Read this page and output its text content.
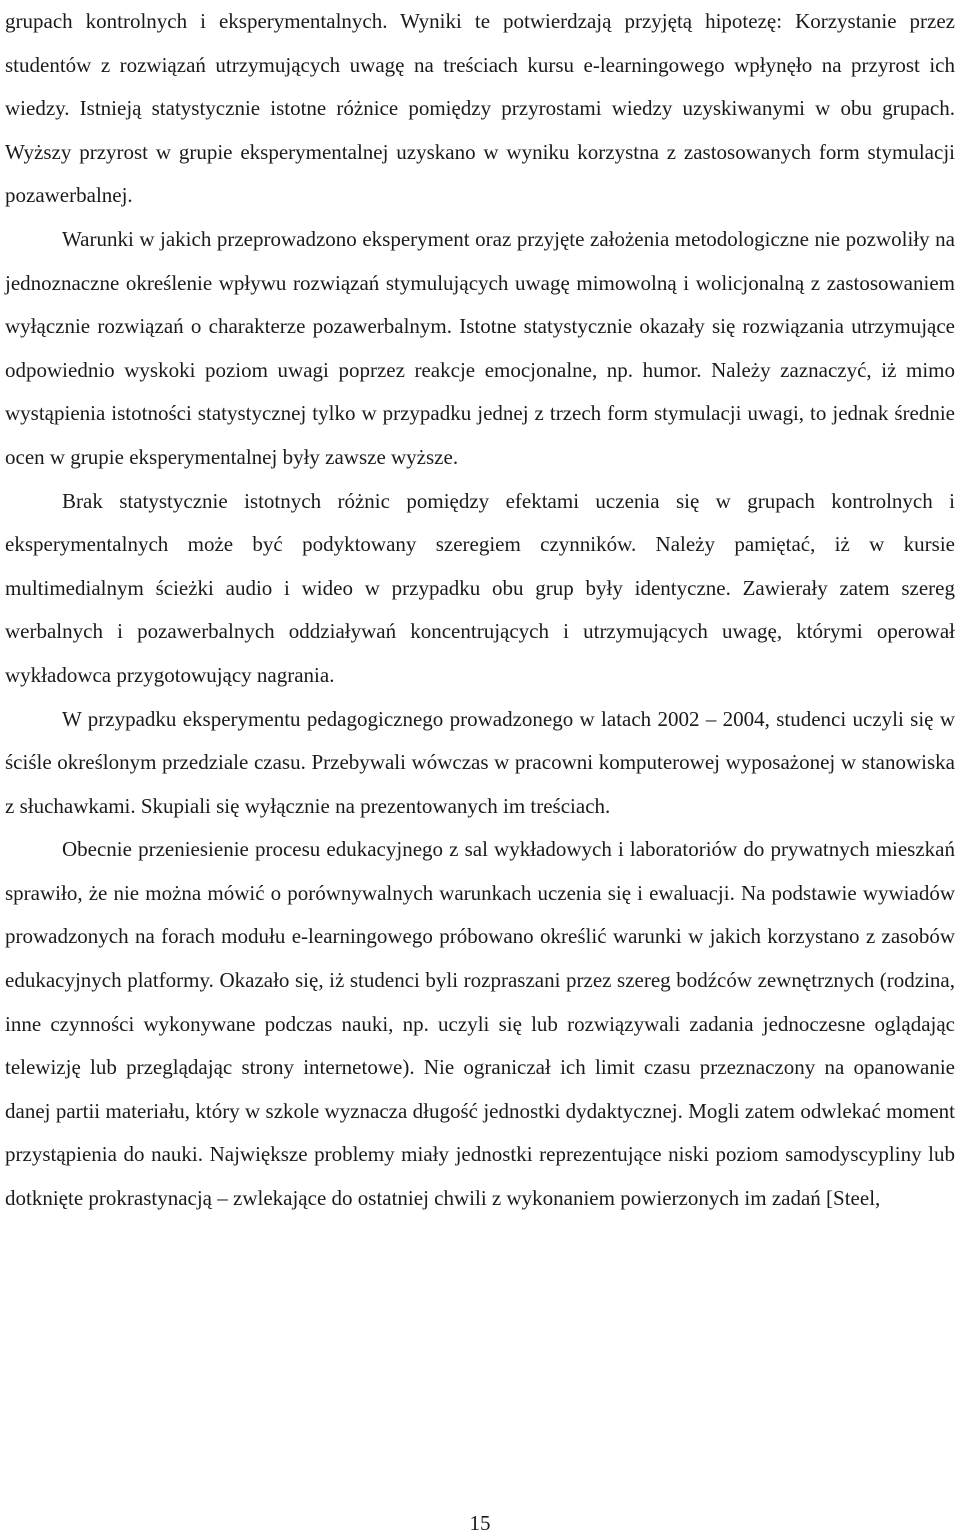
grupach kontrolnych i eksperymentalnych. Wyniki te potwierdzają przyjętą hipotezę: Korzystanie przez studentów z rozwiązań utrzymujących uwagę na treściach kursu e-learningowego wpłynęło na przyrost ich wiedzy. Istnieją statystycznie istotne różnice pomiędzy przyrostami wiedzy uzyskiwanymi w obu grupach. Wyższy przyrost w grupie eksperymentalnej uzyskano w wyniku korzystna z zastosowanych form stymulacji pozawerbalnej.

Warunki w jakich przeprowadzono eksperyment oraz przyjęte założenia metodologiczne nie pozwoliły na jednoznaczne określenie wpływu rozwiązań stymulujących uwagę mimowolną i wolicjonalną z zastosowaniem wyłącznie rozwiązań o charakterze pozawerbalnym. Istotne statystycznie okazały się rozwiązania utrzymujące odpowiednio wyskoki poziom uwagi poprzez reakcje emocjonalne, np. humor. Należy zaznaczyć, iż mimo wystąpienia istotności statystycznej tylko w przypadku jednej z trzech form stymulacji uwagi, to jednak średnie ocen w grupie eksperymentalnej były zawsze wyższe.

Brak statystycznie istotnych różnic pomiędzy efektami uczenia się w grupach kontrolnych i eksperymentalnych może być podyktowany szeregiem czynników. Należy pamiętać, iż w kursie multimedialnym ścieżki audio i wideo w przypadku obu grup były identyczne. Zawierały zatem szereg werbalnych i pozawerbalnych oddziaływań koncentrujących i utrzymujących uwagę, którymi operował wykładowca przygotowujący nagrania.

W przypadku eksperymentu pedagogicznego prowadzonego w latach 2002 – 2004, studenci uczyli się w ściśle określonym przedziale czasu. Przebywali wówczas w pracowni komputerowej wyposażonej w stanowiska z słuchawkami. Skupiali się wyłącznie na prezentowanych im treściach.

Obecnie przeniesienie procesu edukacyjnego z sal wykładowych i laboratoriów do prywatnych mieszkań sprawiło, że nie można mówić o porównywalnych warunkach uczenia się i ewaluacji. Na podstawie wywiadów prowadzonych na forach modułu e-learningowego próbowano określić warunki w jakich korzystano z zasobów edukacyjnych platformy. Okazało się, iż studenci byli rozpraszani przez szereg bodźców zewnętrznych (rodzina, inne czynności wykonywane podczas nauki, np. uczyli się lub rozwiązywali zadania jednoczesne oglądając telewizję lub przeglądając strony internetowe). Nie ograniczał ich limit czasu przeznaczony na opanowanie danej partii materiału, który w szkole wyznacza długość jednostki dydaktycznej. Mogli zatem odwlekać moment przystąpienia do nauki. Największe problemy miały jednostki reprezentujące niski poziom samodyscypliny lub dotknięte prokrastynacją – zwlekające do ostatniej chwili z wykonaniem powierzonych im zadań [Steel,

15
